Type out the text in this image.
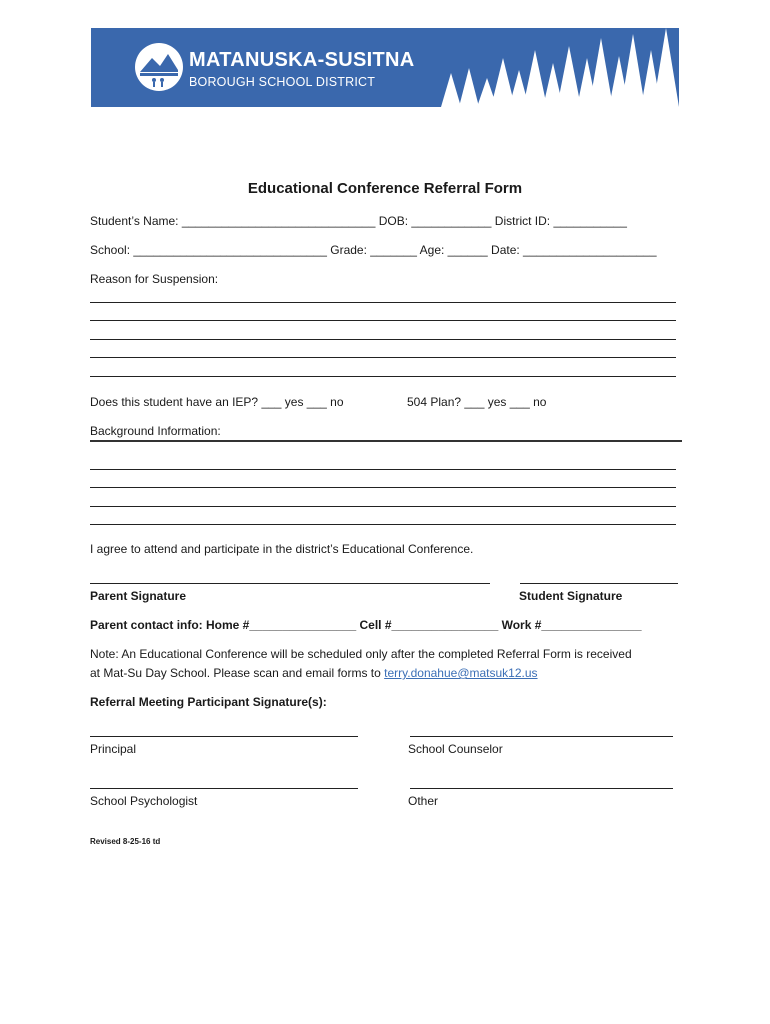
MATANUSKA-SUSITNA
BOROUGH SCHOOL DISTRICT
Educational Conference Referral Form
Student’s Name: _____________________________ DOB: ____________ District ID: ___________
School: _____________________________ Grade: _______ Age: ______ Date: ____________________
Reason for Suspension:
Does this student have an IEP? ___ yes ___ no	504 Plan? ___ yes ___ no
Background Information:
I agree to attend and participate in the district’s Educational Conference.
Parent Signature	Student Signature
Parent contact info: Home #________________ Cell #________________ Work #_______________
Note: An Educational Conference will be scheduled only after the completed Referral Form is received
at Mat-Su Day School. Please scan and email forms to terry.donahue@matsuk12.us
Referral Meeting Participant Signature(s):
Principal	School Counselor
School Psychologist	Other
Revised 8-25-16 td
